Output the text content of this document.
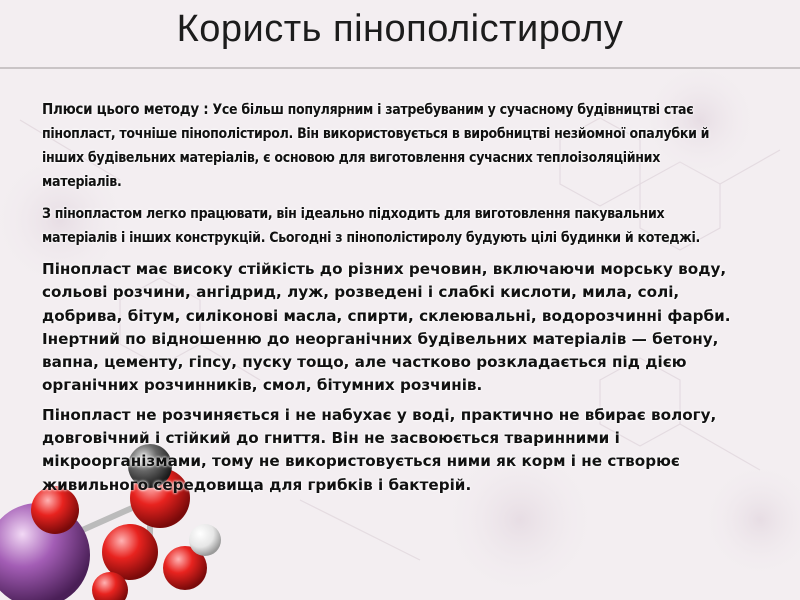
Користь пінополістиролу

Плюси цього методу : Усе більш популярним і затребуваним у сучасному будівництві стає пінопласт, точніше пінополістирол. Він використовується в виробництві незйомної опалубки й інших будівельних матеріалів, є основою для виготовлення сучасних теплоізоляційних матеріалів.

З пінопластом легко працювати, він ідеально підходить для виготовлення пакувальних матеріалів і інших конструкцій. Сьогодні з пінополістиролу будують цілі будинки й котеджі.

Пінопласт має високу стійкість до різних речовин, включаючи морську воду, сольові розчини, ангідрид, луж, розведені і слабкі кислоти, мила, солі, добрива, бітум, силіконові масла, спирти, склеювальні, водорозчинні фарби. Інертний по відношенню до неорганічних будівельних матеріалів — бетону, вапна, цементу, гіпсу, пуску тощо, але частково розкладається під дією органічних розчинників, смол, бітумних розчинів.

Пінопласт не розчиняється і не набухає у воді, практично не вбирає вологу, довговічний і стійкий до гниття. Він не засвоюється тваринними і мікроорганізмами, тому не використовується ними як корм і не створює живильного середовища для грибків і бактерій.
